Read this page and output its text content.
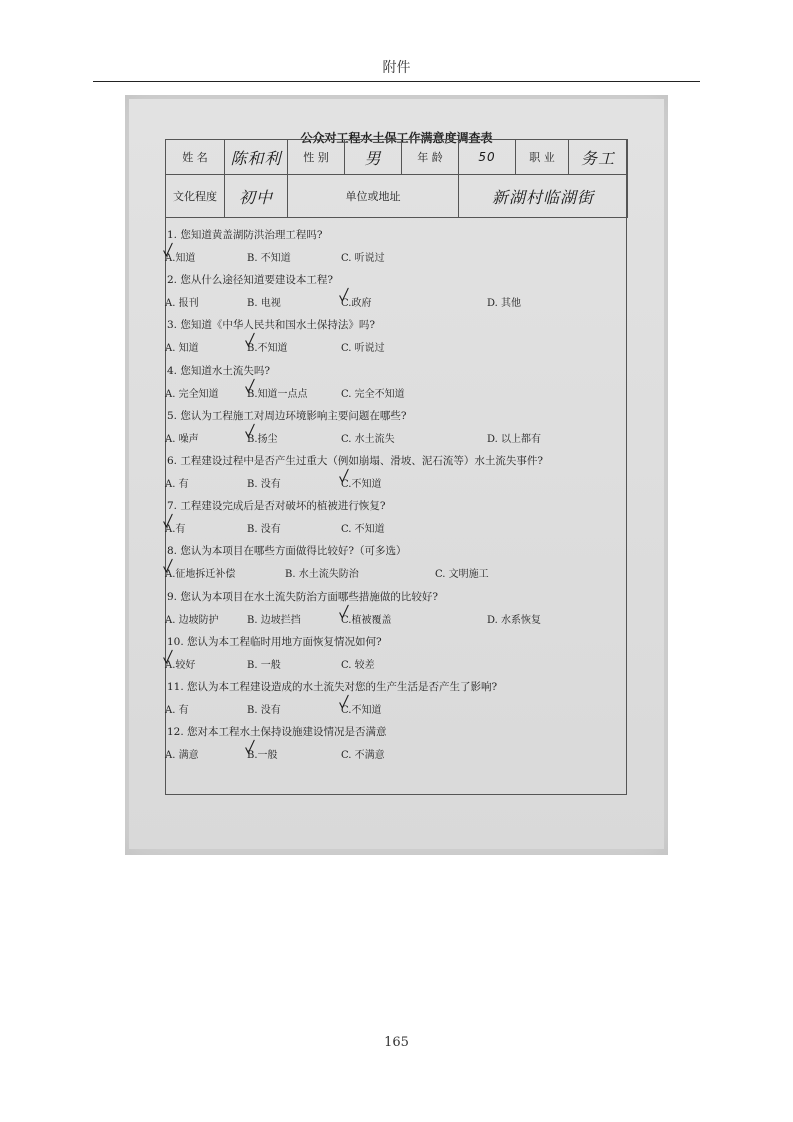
附件
公众对工程水土保工作满意度调查表
姓 名	陈和利	性 别	男	年 龄	50	职 业	务工
文化程度	初中	单位或地址			新湖村临湖街		
1. 您知道黄盖湖防洪治理工程吗?
A.知道	B. 不知道	C. 听说过
2. 您从什么途径知道要建设本工程?
A. 报刊	B. 电视	C.政府	D. 其他
3. 您知道《中华人民共和国水土保持法》吗?
A. 知道	B.不知道	C. 听说过
4. 您知道水土流失吗?
A. 完全知道	B.知道一点点	C. 完全不知道
5. 您认为工程施工对周边环境影响主要问题在哪些?
A. 噪声	B.扬尘	C. 水土流失	D. 以上都有
6. 工程建设过程中是否产生过重大（例如崩塌、滑坡、泥石流等）水土流失事件?
A. 有	B. 没有	C.不知道
7. 工程建设完成后是否对破坏的植被进行恢复?
A.有	B. 没有	C. 不知道
8. 您认为本项目在哪些方面做得比较好?（可多选）
A.征地拆迁补偿	B. 水土流失防治	C. 文明施工
9. 您认为本项目在水土流失防治方面哪些措施做的比较好?
A. 边坡防护	B. 边坡拦挡	C.植被覆盖	D. 水系恢复
10. 您认为本工程临时用地方面恢复情况如何?
A.较好	B. 一般	C. 较差
11. 您认为本工程建设造成的水土流失对您的生产生活是否产生了影响?
A. 有	B. 没有	C.不知道
12. 您对本工程水土保持设施建设情况是否满意
A. 满意	B.一般	C. 不满意
165
